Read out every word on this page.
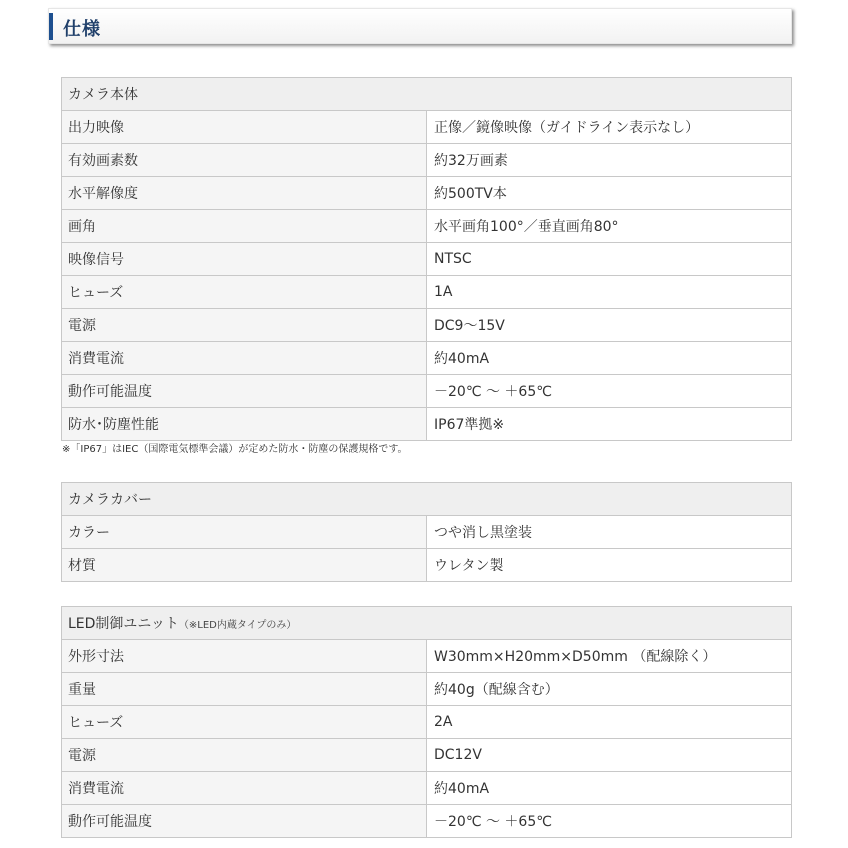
仕様
カメラ本体	
出力映像	正像／鏡像映像（ガイドライン表示なし）
有効画素数	約32万画素
水平解像度	約500TV本
画角	水平画角100°／垂直画角80°
映像信号	NTSC
ヒューズ	1A
電源	DC9～15V
消費電流	約40mA
動作可能温度	－20℃ ～ ＋65℃
防水･防塵性能	IP67準拠※
※「IP67」はIEC（国際電気標準会議）が定めた防水・防塵の保護規格です。
カメラカバー	
カラー	つや消し黒塗装
材質	ウレタン製
LED制御ユニット（※LED内蔵タイプのみ）	
外形寸法	W30mm×H20mm×D50mm （配線除く）
重量	約40g（配線含む）
ヒューズ	2A
電源	DC12V
消費電流	約40mA
動作可能温度	－20℃ ～ ＋65℃
